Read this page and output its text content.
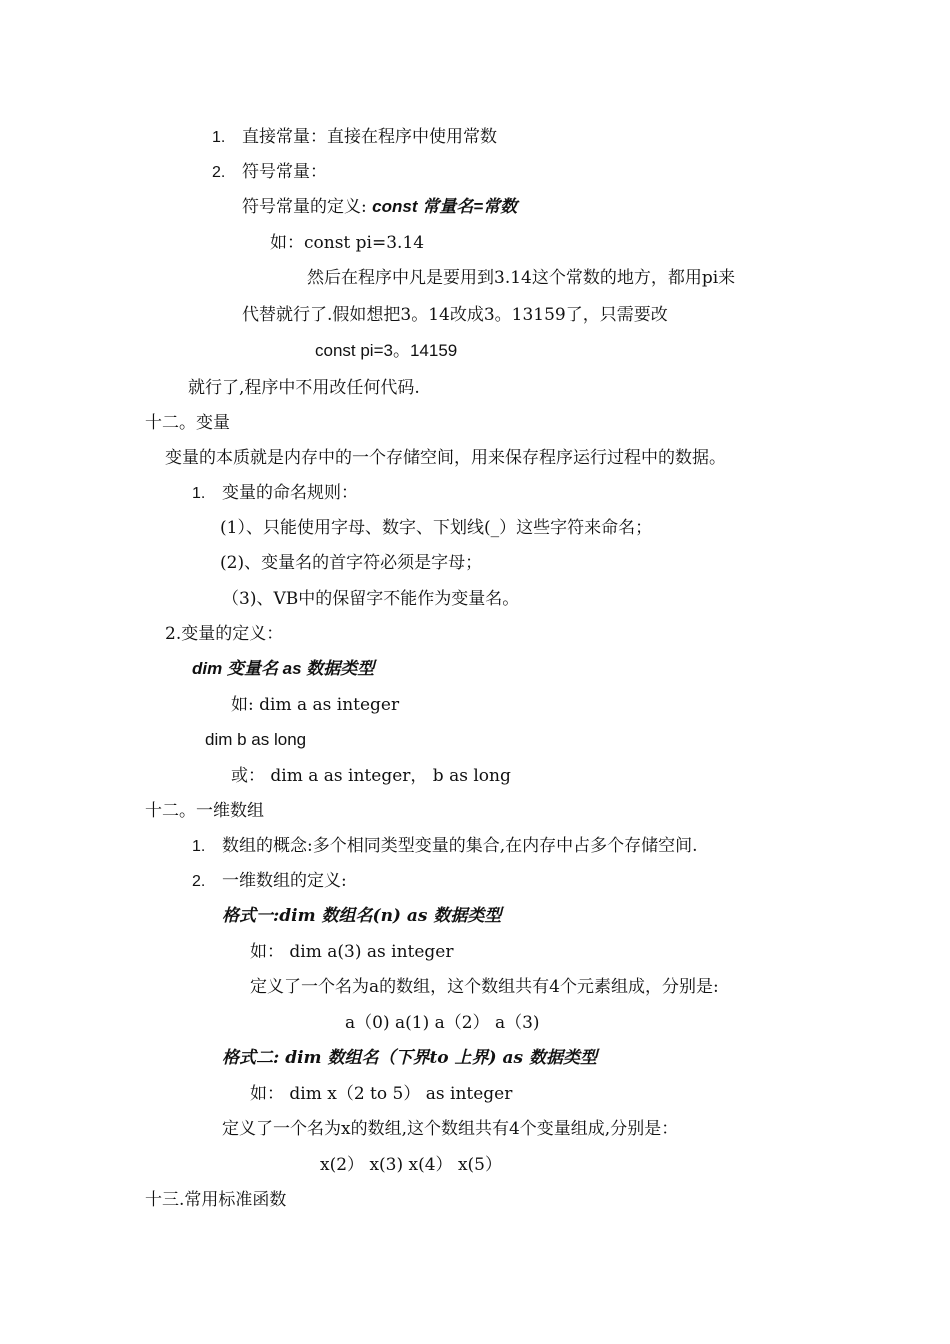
1. 直接常量：直接在程序中使用常数
2. 符号常量：
符号常量的定义: const 常量名=常数
如：const pi=3.14
然后在程序中凡是要用到3.14这个常数的地方，都用pi来
代替就行了.假如想把3。14改成3。13159了，只需要改
const pi=3。14159
就行了,程序中不用改任何代码.
十二。变量
变量的本质就是内存中的一个存储空间，用来保存程序运行过程中的数据。
1. 变量的命名规则：
(1）、只能使用字母、数字、下划线(_）这些字符来命名；
(2)、变量名的首字符必须是字母；
（3)、VB中的保留字不能作为变量名。
2.变量的定义：
dim 变量名 as 数据类型
如: dim a as integer
dim b as long
或： dim a as integer， b as long
十二。一维数组
1. 数组的概念:多个相同类型变量的集合,在内存中占多个存储空间.
2. 一维数组的定义:
格式一:dim 数组名(n) as 数据类型
如： dim a(3) as integer
定义了一个名为a的数组，这个数组共有4个元素组成，分别是:
a（0) a(1) a（2） a（3)
格式二: dim 数组名（下界to 上界) as 数据类型
如： dim x（2 to 5） as integer
定义了一个名为x的数组,这个数组共有4个变量组成,分别是：
x(2） x(3) x(4） x(5）
十三.常用标准函数
